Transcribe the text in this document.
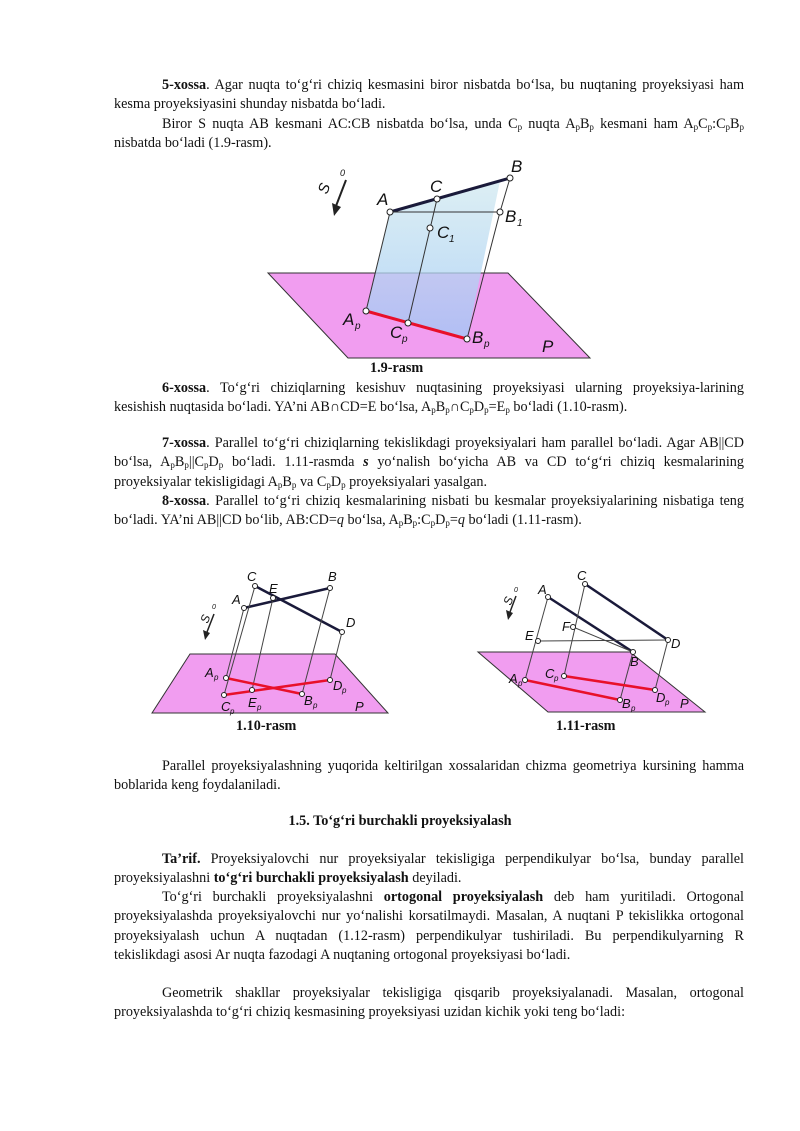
5-xossa. Agar nuqta to‘g‘ri chiziq kesmasini biror nisbatda bo‘lsa, bu nuqtaning proyeksiyasi ham kesma proyeksiyasini shunday nisbatda bo‘ladi.

Biror S nuqta AB kesmani AC:CB nisbatda bo‘lsa, unda $C_p$ nuqta $A_pB_p$ kesmani ham $A_pC_p:C_pB_p$ nisbatda bo‘ladi (1.9-rasm).

S
0
A
C
B
B 1
C 1
A p C p	B p	P
1.9-rasm

6-xossa. To‘g‘ri chiziqlarning kesishuv nuqtasining proyeksiyasi ularning proyeksiya-larining kesishish nuqtasida bo‘ladi. YA’ni AB∩CD=E bo‘lsa, $A_pB_p\cap C_pD_p=E_p$ bo‘ladi (1.10-rasm).

7-xossa. Parallel to‘g‘ri chiziqlarning tekislikdagi proyeksiyalari ham parallel bo‘ladi. Agar AB||CD bo‘lsa, $A_pB_p||C_pD_p$ bo‘ladi. 1.11-rasmda s yo‘nalish bo‘yicha AB va CD to‘g‘ri chiziq kesmalarining proyeksiyalar tekisligidagi $A_pB_p$ va $C_pD_p$ proyeksiyalari yasalgan.

8-xossa. Parallel to‘g‘ri chiziq kesmalarining nisbati bu kesmalar proyeksiyalarining nisbatiga teng bo‘ladi. YA’ni AB||CD bo‘lib, AB:CD=q bo‘lsa, $A_pB_p:C_pD_p=q$ bo‘ladi (1.11-rasm).

S
0
A
C
E
B
D
A p
C p
E p	B p
D p
P
1.10-rasm
S
0 A
C
E
F
B
D
A p
C p
B p
D p P
1.11-rasm

Parallel proyeksiyalashning yuqorida keltirilgan xossalaridan chizma geometriya kursining hamma boblarida keng foydalaniladi.

1.5. To‘g‘ri burchakli proyeksiyalash

Ta’rif. Proyeksiyalovchi nur proyeksiyalar tekisligiga perpendikulyar bo‘lsa, bunday parallel proyeksiyalashni to‘g‘ri burchakli proyeksiyalash deyiladi.

To‘g‘ri burchakli proyeksiyalashni ortogonal proyeksiyalash deb ham yuritiladi. Ortogonal proyeksiyalashda proyeksiyalovchi nur yo‘nalishi korsatilmaydi. Masalan, A nuqtani P tekislikka ortogonal proyeksiyalash uchun A nuqtadan (1.12-rasm) perpendikulyar tushiriladi. Bu perpendikulyarning R tekislikdagi asosi Ar nuqta fazodagi A nuqtaning ortogonal proyeksiyasi bo‘ladi.

Geometrik shakllar proyeksiyalar tekisligiga qisqarib proyeksiyalanadi. Masalan, ortogonal proyeksiyalashda to‘g‘ri chiziq kesmasining proyeksiyasi uzidan kichik yoki teng bo‘ladi:
